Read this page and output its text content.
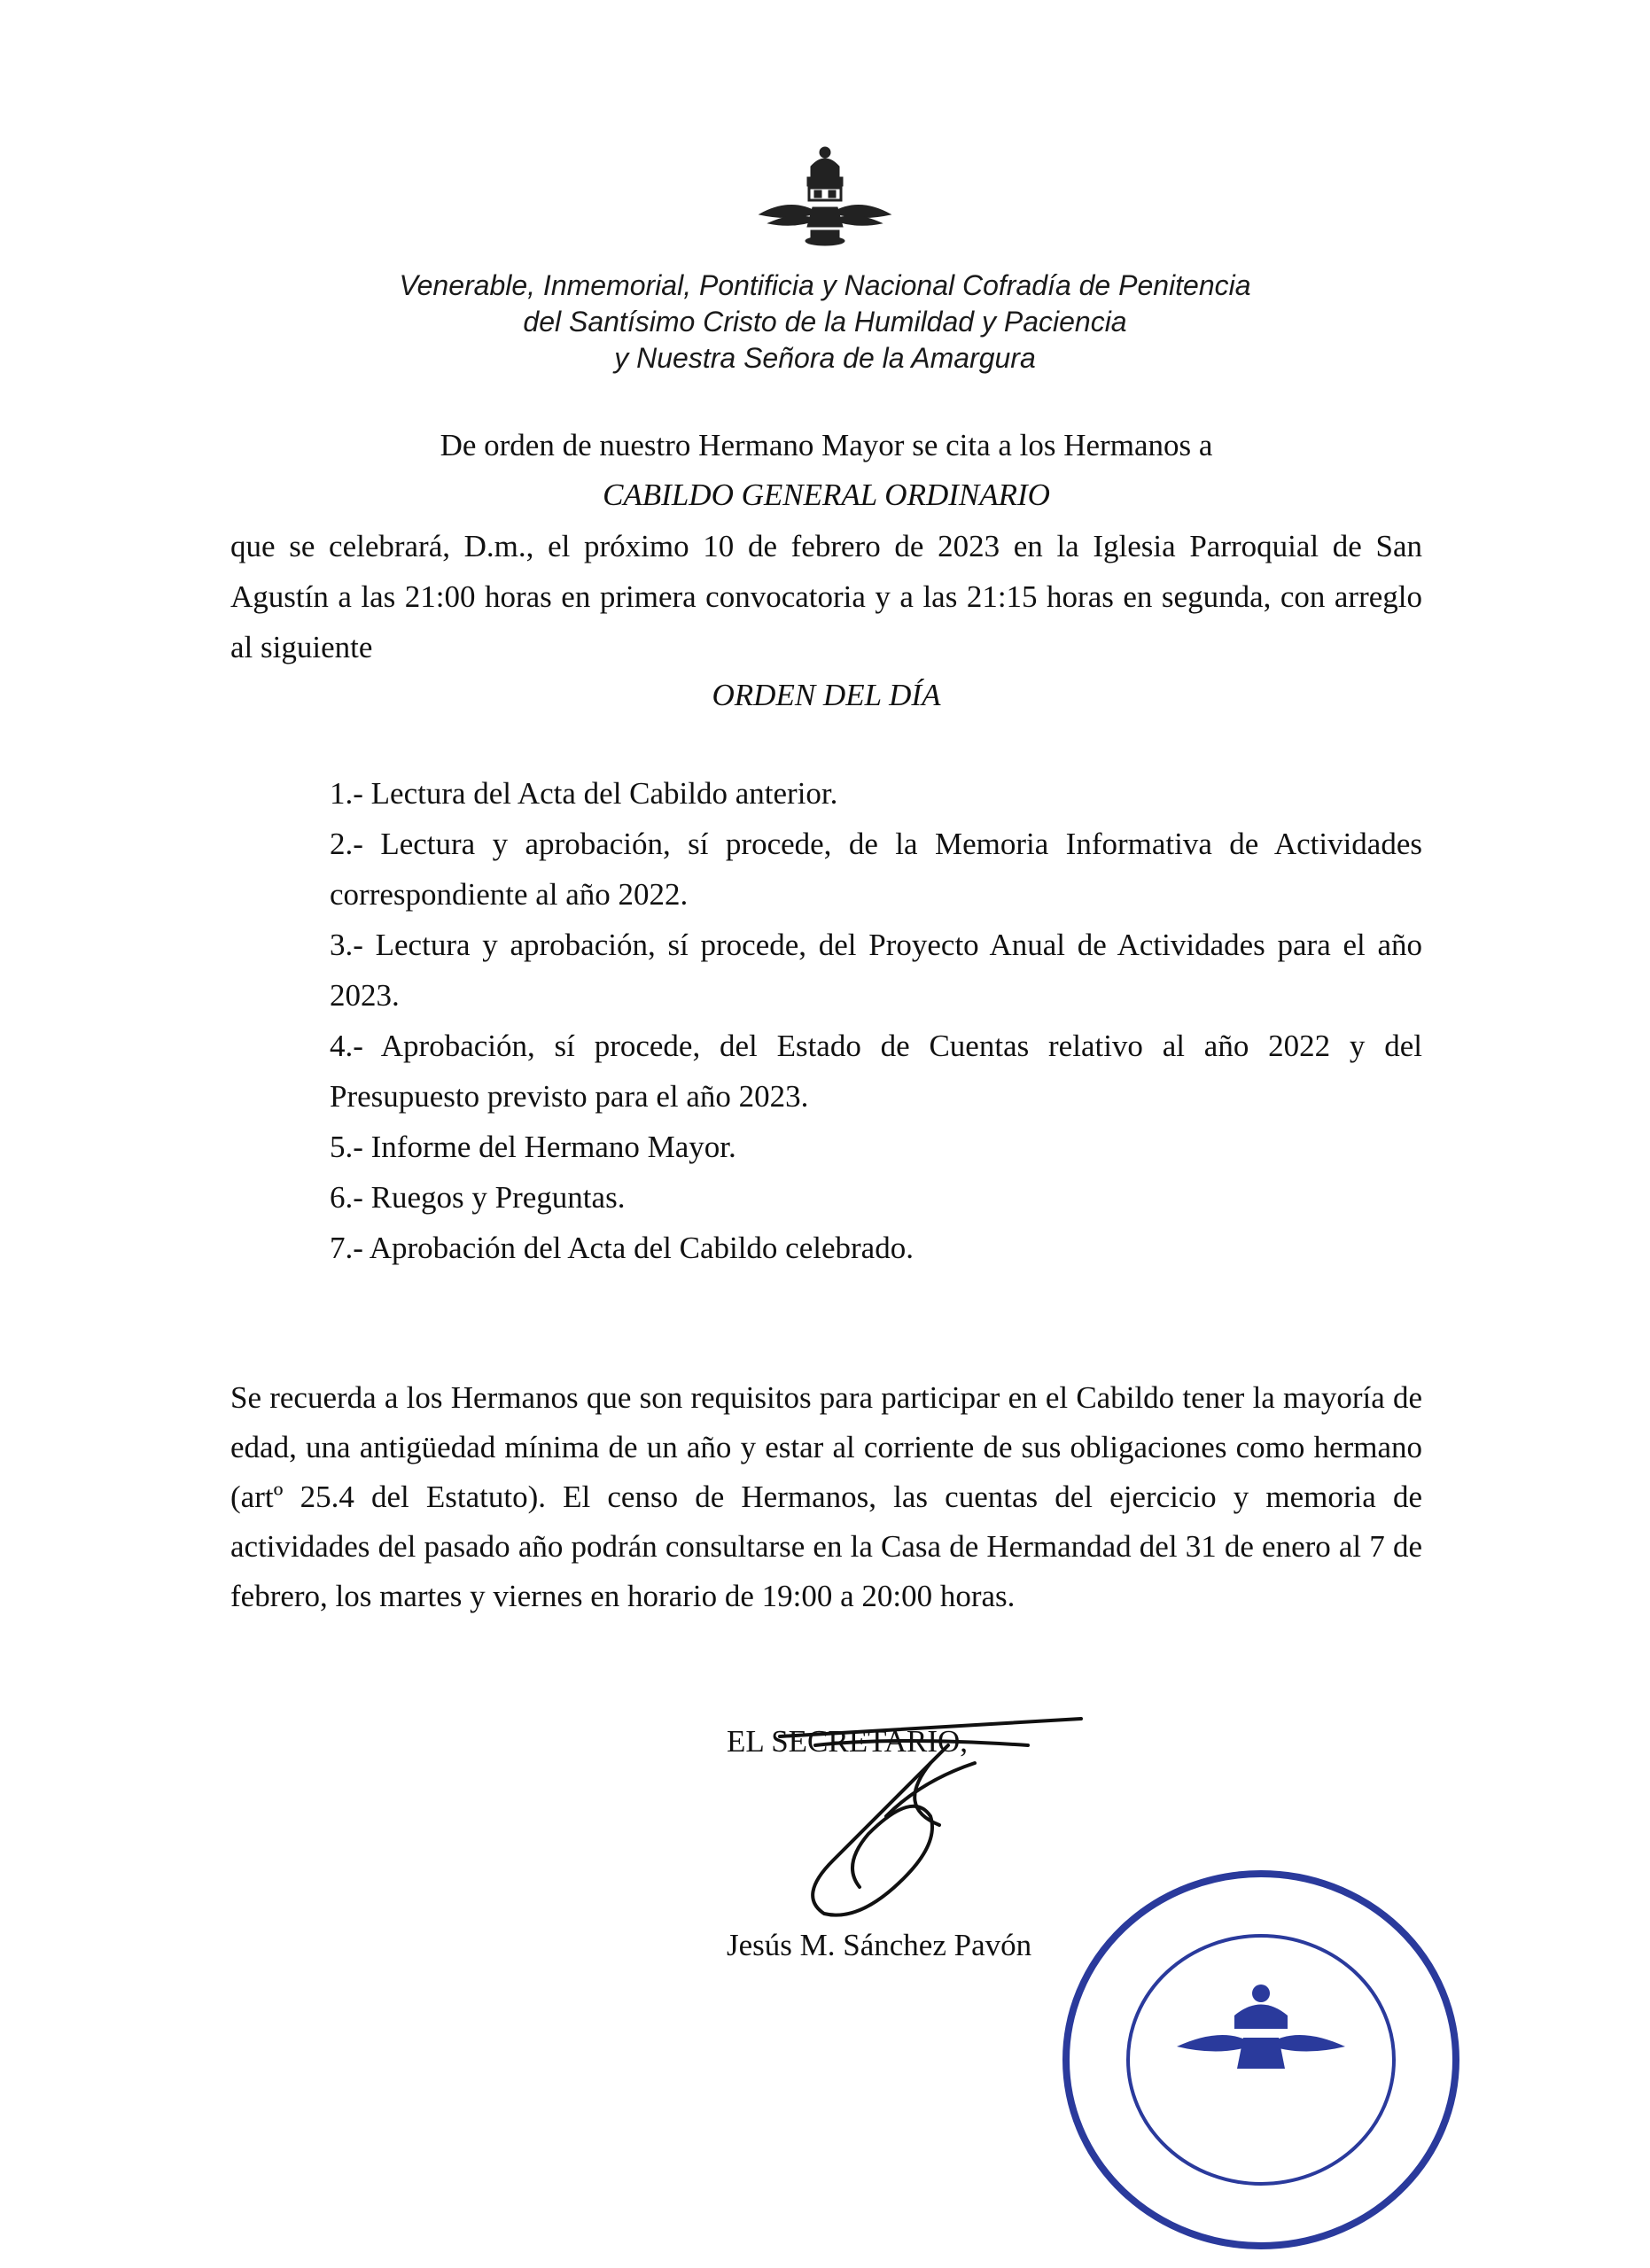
Venerable, Inmemorial, Pontificia y Nacional Cofradía de Penitencia
del Santísimo Cristo de la Humildad y Paciencia
y Nuestra Señora de la Amargura
De orden de nuestro Hermano Mayor se cita a los Hermanos a
CABILDO GENERAL ORDINARIO
que se celebrará, D.m., el próximo 10 de febrero de 2023 en la Iglesia Parroquial de San Agustín a las 21:00 horas en primera convocatoria y a las 21:15 horas en segunda, con arreglo al siguiente
ORDEN DEL DÍA
1.- Lectura del Acta del Cabildo anterior.
2.- Lectura y aprobación, sí procede, de la Memoria Informativa de Actividades correspondiente al año 2022.
3.- Lectura y aprobación, sí procede, del Proyecto Anual de Actividades para el año 2023.
4.- Aprobación, sí procede, del Estado de Cuentas relativo al año 2022 y del Presupuesto previsto para el año 2023.
5.- Informe del Hermano Mayor.
6.- Ruegos y Preguntas.
7.- Aprobación del Acta del Cabildo celebrado.
Se recuerda a los Hermanos que son requisitos para participar en el Cabildo tener la mayoría de edad, una antigüedad mínima de un año y estar al corriente de sus obligaciones como hermano (artº 25.4 del Estatuto). El censo de Hermanos, las cuentas del ejercicio y memoria de actividades del pasado año podrán consultarse en la Casa de Hermandad del 31 de enero al 7 de febrero, los martes y viernes en horario de 19:00 a 20:00 horas.
EL SECRETARIO,
Jesús M. Sánchez Pavón
